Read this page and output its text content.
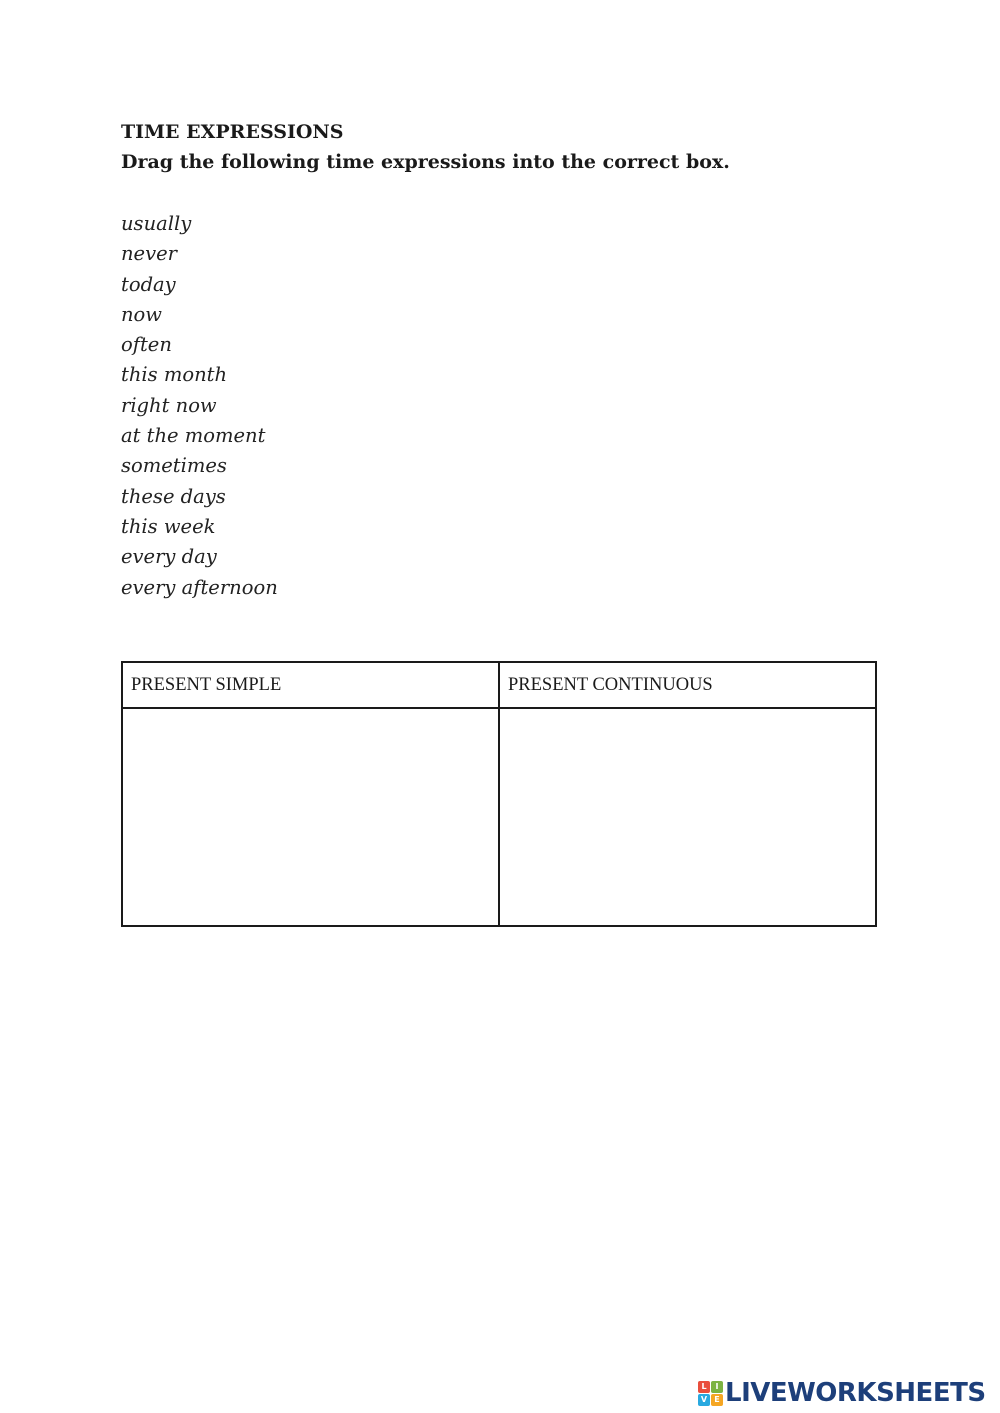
TIME EXPRESSIONS
Drag the following time expressions into the correct box.
usually
never
today
now
often
this month
right now
at the moment
sometimes
these days
this week
every day
every afternoon
PRESENT SIMPLE	PRESENT CONTINUOUS

L	I
V E LIVEWORKSHEETS
